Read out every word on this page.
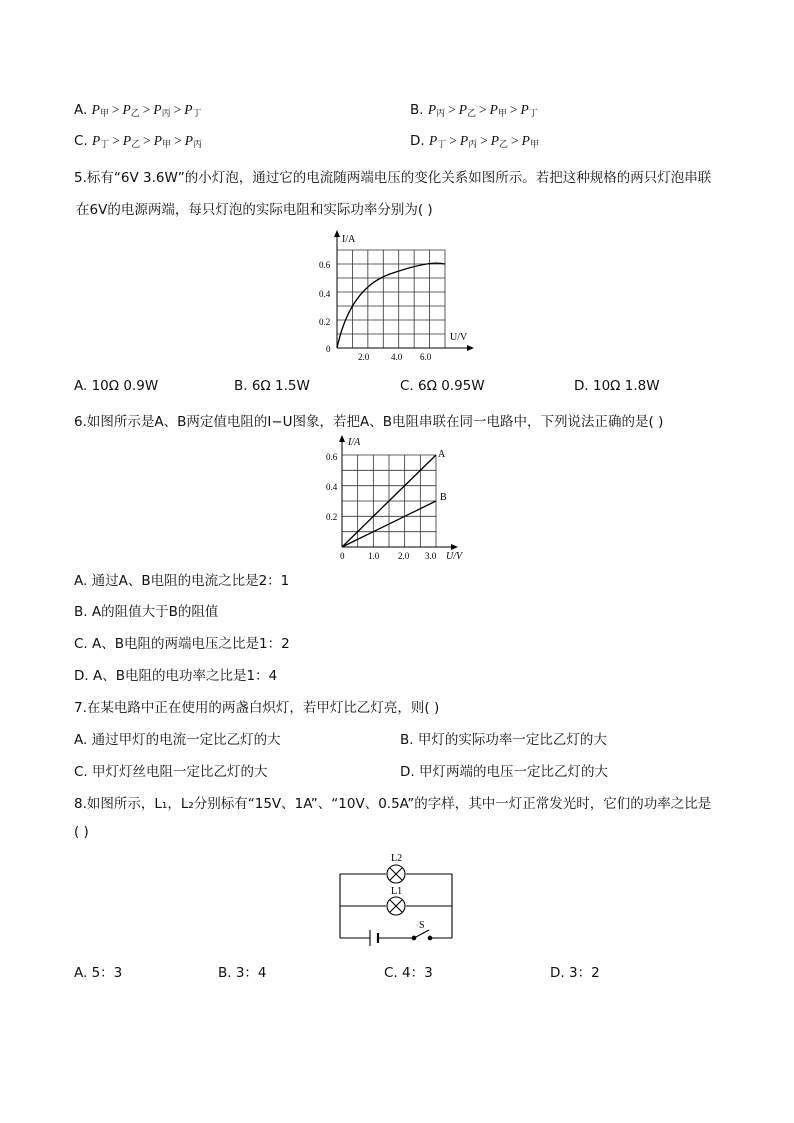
A. $P_甲 > P_乙 > P_丙 > P_丁$	B. $P_丙 > P_乙 > P_甲 > P_丁$
C. $P_丁 > P_乙 > P_甲 > P_丙$	D. $P_丁 > P_丙 > P_乙 > P_甲$
5.标有“6V 3.6W”的小灯泡，通过它的电流随两端电压的变化关系如图所示。若把这种规格的两只灯泡串联
在6V的电源两端，每只灯泡的实际电阻和实际功率分别为( )
I/A
U/V
0
0.2
0.4
0.6
2.0 4.0 6.0
A. 10Ω 0.9W	B. 6Ω 1.5W	C. 6Ω 0.95W	D. 10Ω 1.8W
6.如图所示是A、B两定值电阻的I−U图象，若把A、B电阻串联在同一电路中，下列说法正确的是( )
A
B
I/A
U/V
0
0.2
0.4
0.6
1.0 2.0 3.0
A. 通过A、B电阻的电流之比是2：1
B. A的阻值大于B的阻值
C. A、B电阻的两端电压之比是1：2
D. A、B电阻的电功率之比是1：4
7.在某电路中正在使用的两盏白炽灯，若甲灯比乙灯亮，则( )
A. 通过甲灯的电流一定比乙灯的大	B. 甲灯的实际功率一定比乙灯的大
C. 甲灯灯丝电阻一定比乙灯的大	D. 甲灯两端的电压一定比乙灯的大
8.如图所示，L₁，L₂分别标有“15V、1A”、“10V、0.5A”的字样，其中一灯正常发光时，它们的功率之比是
( )
L2
L1
S
A. 5：3	B. 3：4	C. 4：3	D. 3：2
